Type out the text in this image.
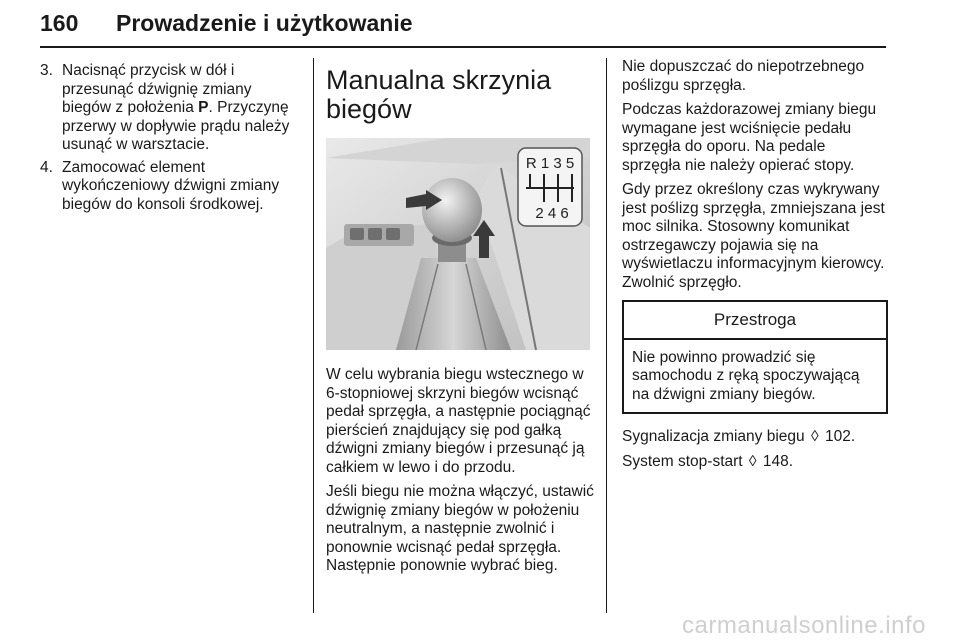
160 Prowadzenie i użytkowanie
3. Nacisnąć przycisk w dół i przesunąć dźwignię zmiany biegów z położenia P. Przyczynę przerwy w dopływie prądu należy usunąć w warsztacie.
4. Zamocować element wykończeniowy dźwigni zmiany biegów do konsoli środkowej.
Manualna skrzynia biegów
R 1 3 5
2 4 6

W celu wybrania biegu wstecznego w 6-stopniowej skrzyni biegów wcisnąć pedał sprzęgła, a następnie pociągnąć pierścień znajdujący się pod gałką dźwigni zmiany biegów i przesunąć ją całkiem w lewo i do przodu.

Jeśli biegu nie można włączyć, ustawić dźwignię zmiany biegów w położeniu neutralnym, a następnie zwolnić i ponownie wcisnąć pedał sprzęgła. Następnie ponownie wybrać bieg.

Nie dopuszczać do niepotrzebnego poślizgu sprzęgła.

Podczas każdorazowej zmiany biegu wymagane jest wciśnięcie pedału sprzęgła do oporu. Na pedale sprzęgła nie należy opierać stopy.

Gdy przez określony czas wykrywany jest poślizg sprzęgła, zmniejszana jest moc silnika. Stosowny komunikat ostrzegawczy pojawia się na wyświetlaczu informacyjnym kierowcy. Zwolnić sprzęgło.

Przestroga
Nie powinno prowadzić się samochodu z ręką spoczywającą na dźwigni zmiany biegów.

Sygnalizacja zmiany biegu ◊ 102.

System stop-start ◊ 148.

carmanualsonline.info
